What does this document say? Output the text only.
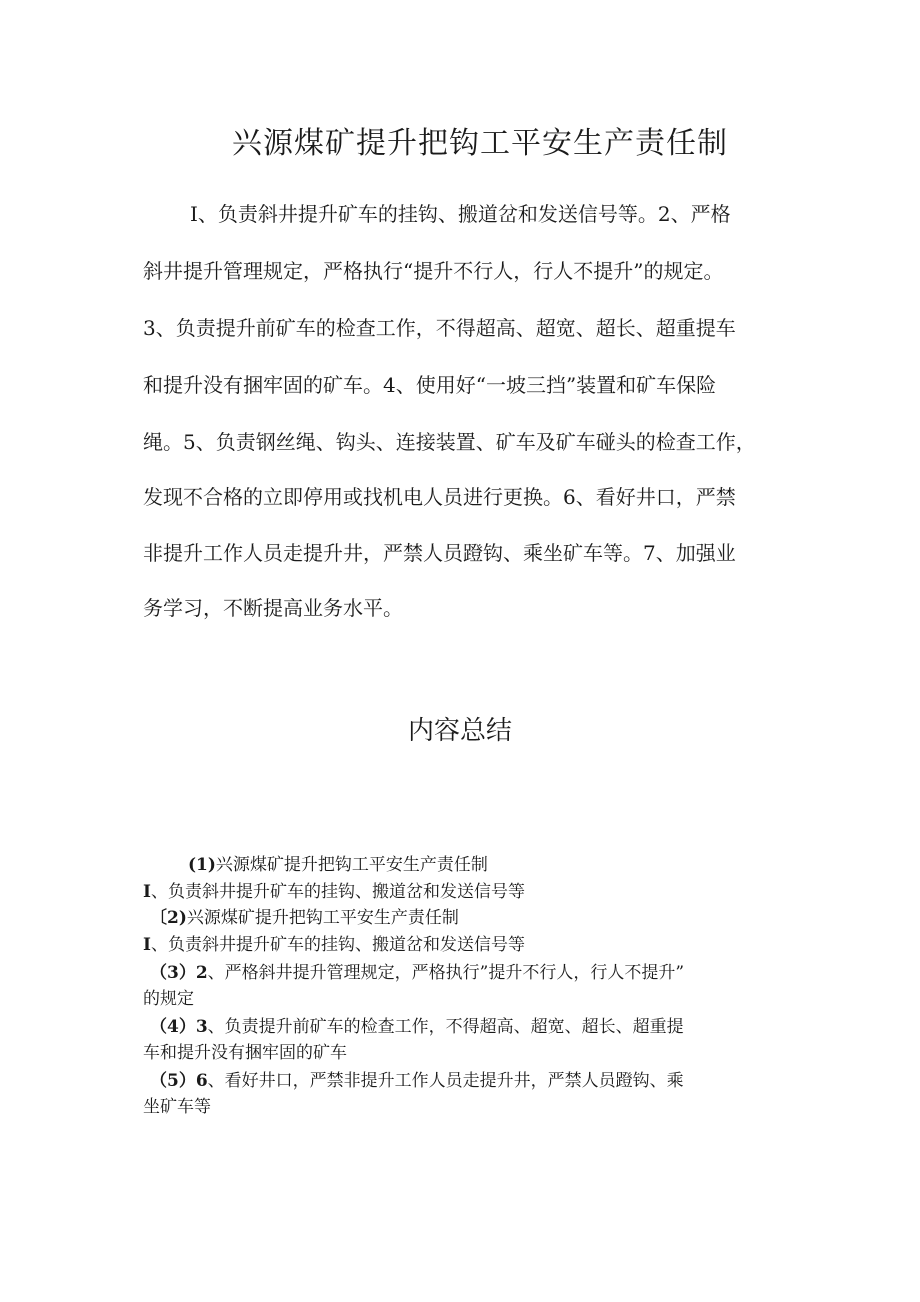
兴源煤矿提升把钩工平安生产责任制
I、负责斜井提升矿车的挂钩、搬道岔和发送信号等。2、严格
斜井提升管理规定，严格执行“提升不行人，行人不提升”的规定。
3、负责提升前矿车的检查工作，不得超高、超宽、超长、超重提车
和提升没有捆牢固的矿车。4、使用好“一坡三挡”装置和矿车保险
绳。5、负责钢丝绳、钩头、连接装置、矿车及矿车碰头的检查工作，
发现不合格的立即停用或找机电人员进行更换。6、看好井口，严禁
非提升工作人员走提升井，严禁人员蹬钩、乘坐矿车等。7、加强业
务学习，不断提高业务水平。
内容总结
(1)兴源煤矿提升把钩工平安生产责任制
I、负责斜井提升矿车的挂钩、搬道岔和发送信号等
〔2)兴源煤矿提升把钩工平安生产责任制
I、负责斜井提升矿车的挂钩、搬道岔和发送信号等
（3）2、严格斜井提升管理规定，严格执行”提升不行人，行人不提升”
的规定
（4）3、负责提升前矿车的检查工作，不得超高、超宽、超长、超重提
车和提升没有捆牢固的矿车
（5）6、看好井口，严禁非提升工作人员走提升井，严禁人员蹬钩、乘
坐矿车等
